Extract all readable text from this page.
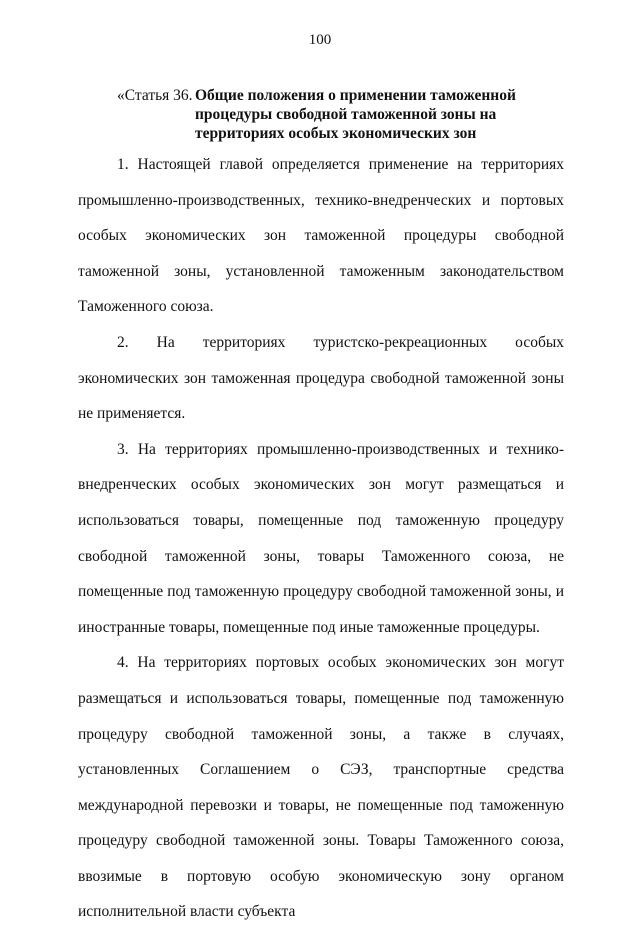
100
«Статья 36. Общие положения о применении таможенной процедуры свободной таможенной зоны на территориях особых экономических зон

1. Настоящей главой определяется применение на территориях промышленно-производственных, технико-внедренческих и портовых особых экономических зон таможенной процедуры свободной таможенной зоны, установленной таможенным законодательством Таможенного союза.

2. На территориях туристско-рекреационных особых экономических зон таможенная процедура свободной таможенной зоны не применяется.

3. На территориях промышленно-производственных и технико-внедренческих особых экономических зон могут размещаться и использоваться товары, помещенные под таможенную процедуру свободной таможенной зоны, товары Таможенного союза, не помещенные под таможенную процедуру свободной таможенной зоны, и иностранные товары, помещенные под иные таможенные процедуры.

4. На территориях портовых особых экономических зон могут размещаться и использоваться товары, помещенные под таможенную процедуру свободной таможенной зоны, а также в случаях, установленных Соглашением о СЭЗ, транспортные средства международной перевозки и товары, не помещенные под таможенную процедуру свободной таможенной зоны. Товары Таможенного союза, ввозимые в портовую особую экономическую зону органом исполнительной власти субъекта
